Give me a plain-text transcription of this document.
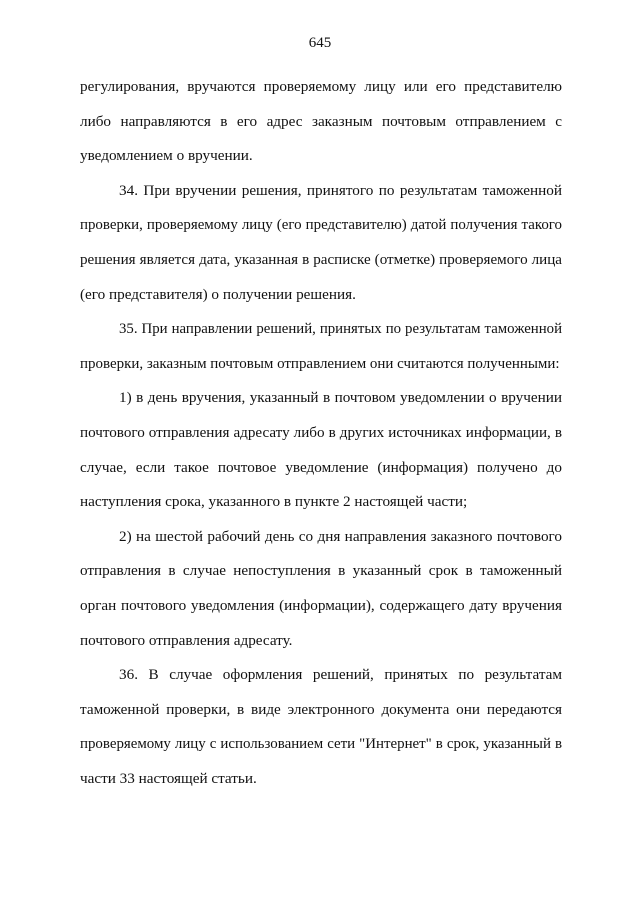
645

регулирования, вручаются проверяемому лицу или его представителю
либо направляются в его адрес заказным почтовым отправлением с
уведомлением о вручении.

34. При вручении решения, принятого по результатам таможенной
проверки, проверяемому лицу (его представителю) датой получения такого
решения является дата, указанная в расписке (отметке) проверяемого лица
(его представителя) о получении решения.

35. При направлении решений, принятых по результатам таможенной
проверки, заказным почтовым отправлением они считаются полученными:

1) в день вручения, указанный в почтовом уведомлении о вручении
почтового отправления адресату либо в других источниках информации, в
случае, если такое почтовое уведомление (информация) получено до
наступления срока, указанного в пункте 2 настоящей части;

2) на шестой рабочий день со дня направления заказного почтового
отправления в случае непоступления в указанный срок в таможенный
орган почтового уведомления (информации), содержащего дату вручения
почтового отправления адресату.

36. В случае оформления решений, принятых по результатам
таможенной проверки, в виде электронного документа они передаются
проверяемому лицу с использованием сети "Интернет" в срок, указанный в
части 33 настоящей статьи.
